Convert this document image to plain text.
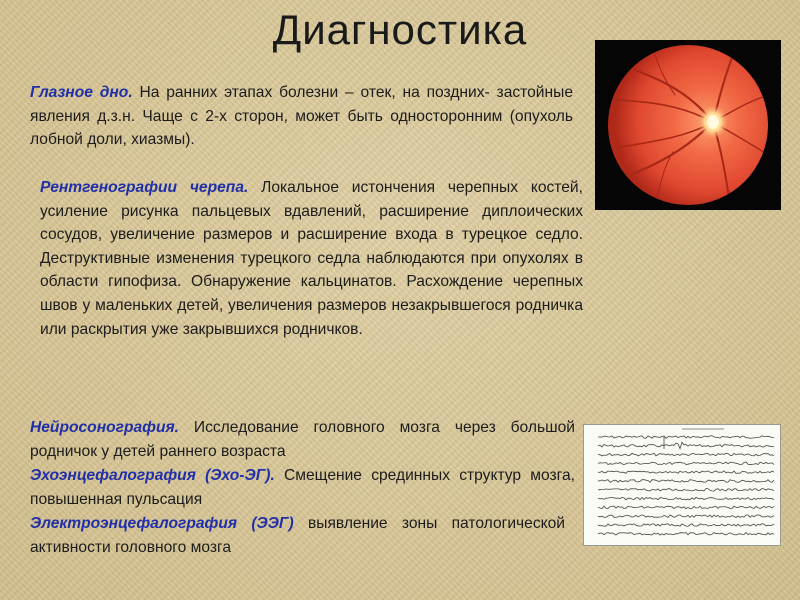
Диагностика
Глазное дно. На ранних этапах болезни – отек, на поздних- застойные явления д.з.н. Чаще с 2-х сторон, может быть односторонним (опухоль лобной доли, хиазмы).
Рентгенографии черепа. Локальное истончения черепных костей, усиление рисунка пальцевых вдавлений, расширение диплоических сосудов, увеличение размеров и расширение входа в турецкое седло. Деструктивные изменения турецкого седла наблюдаются при опухолях в области гипофиза. Обнаружение кальцинатов. Расхождение черепных швов у маленьких детей, увеличения размеров незакрывшегося родничка или раскрытия уже закрывшихся родничков.
Нейросонография. Исследование головного мозга через большой родничок у детей раннего возраста
Эхоэнцефалография (Эхо-ЭГ). Смещение срединных структур мозга, повышенная пульсация
Электроэнцефалография (ЭЭГ) выявление зоны патологической активности головного мозга
